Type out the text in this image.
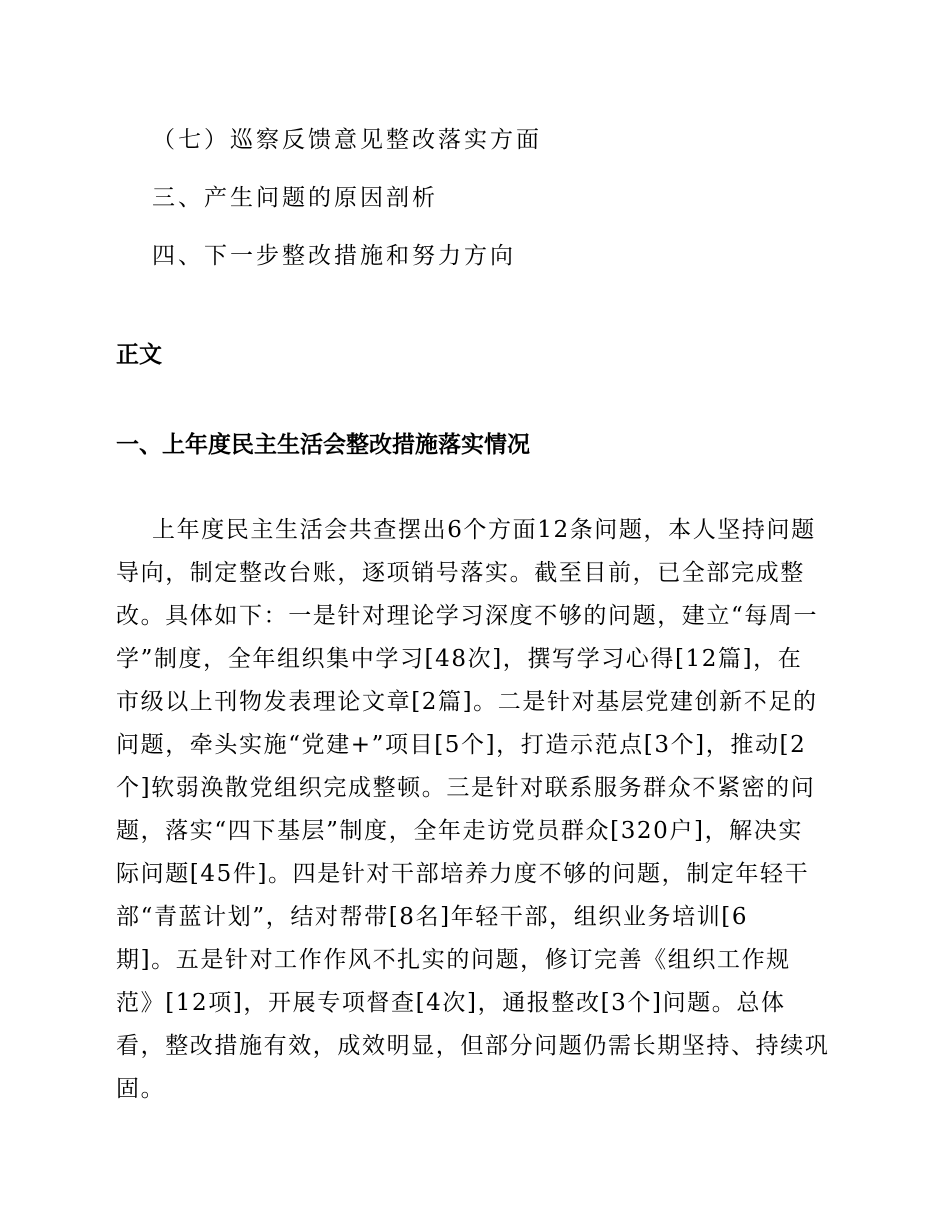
（七）巡察反馈意见整改落实方面
三、产生问题的原因剖析
四、下一步整改措施和努力方向
正文
一、上年度民主生活会整改措施落实情况
上年度民主生活会共查摆出6个方面12条问题，本人坚持问题
导向，制定整改台账，逐项销号落实。截至目前，已全部完成整
改。具体如下：一是针对理论学习深度不够的问题，建立“每周一
学”制度，全年组织集中学习[48次]，撰写学习心得[12篇]，在
市级以上刊物发表理论文章[2篇]。二是针对基层党建创新不足的
问题，牵头实施“党建+”项目[5个]，打造示范点[3个]，推动[2
个]软弱涣散党组织完成整顿。三是针对联系服务群众不紧密的问
题，落实“四下基层”制度，全年走访党员群众[320户]，解决实
际问题[45件]。四是针对干部培养力度不够的问题，制定年轻干
部“青蓝计划”，结对帮带[8名]年轻干部，组织业务培训[6
期]。五是针对工作作风不扎实的问题，修订完善《组织工作规
范》[12项]，开展专项督查[4次]，通报整改[3个]问题。总体
看，整改措施有效，成效明显，但部分问题仍需长期坚持、持续巩
固。
